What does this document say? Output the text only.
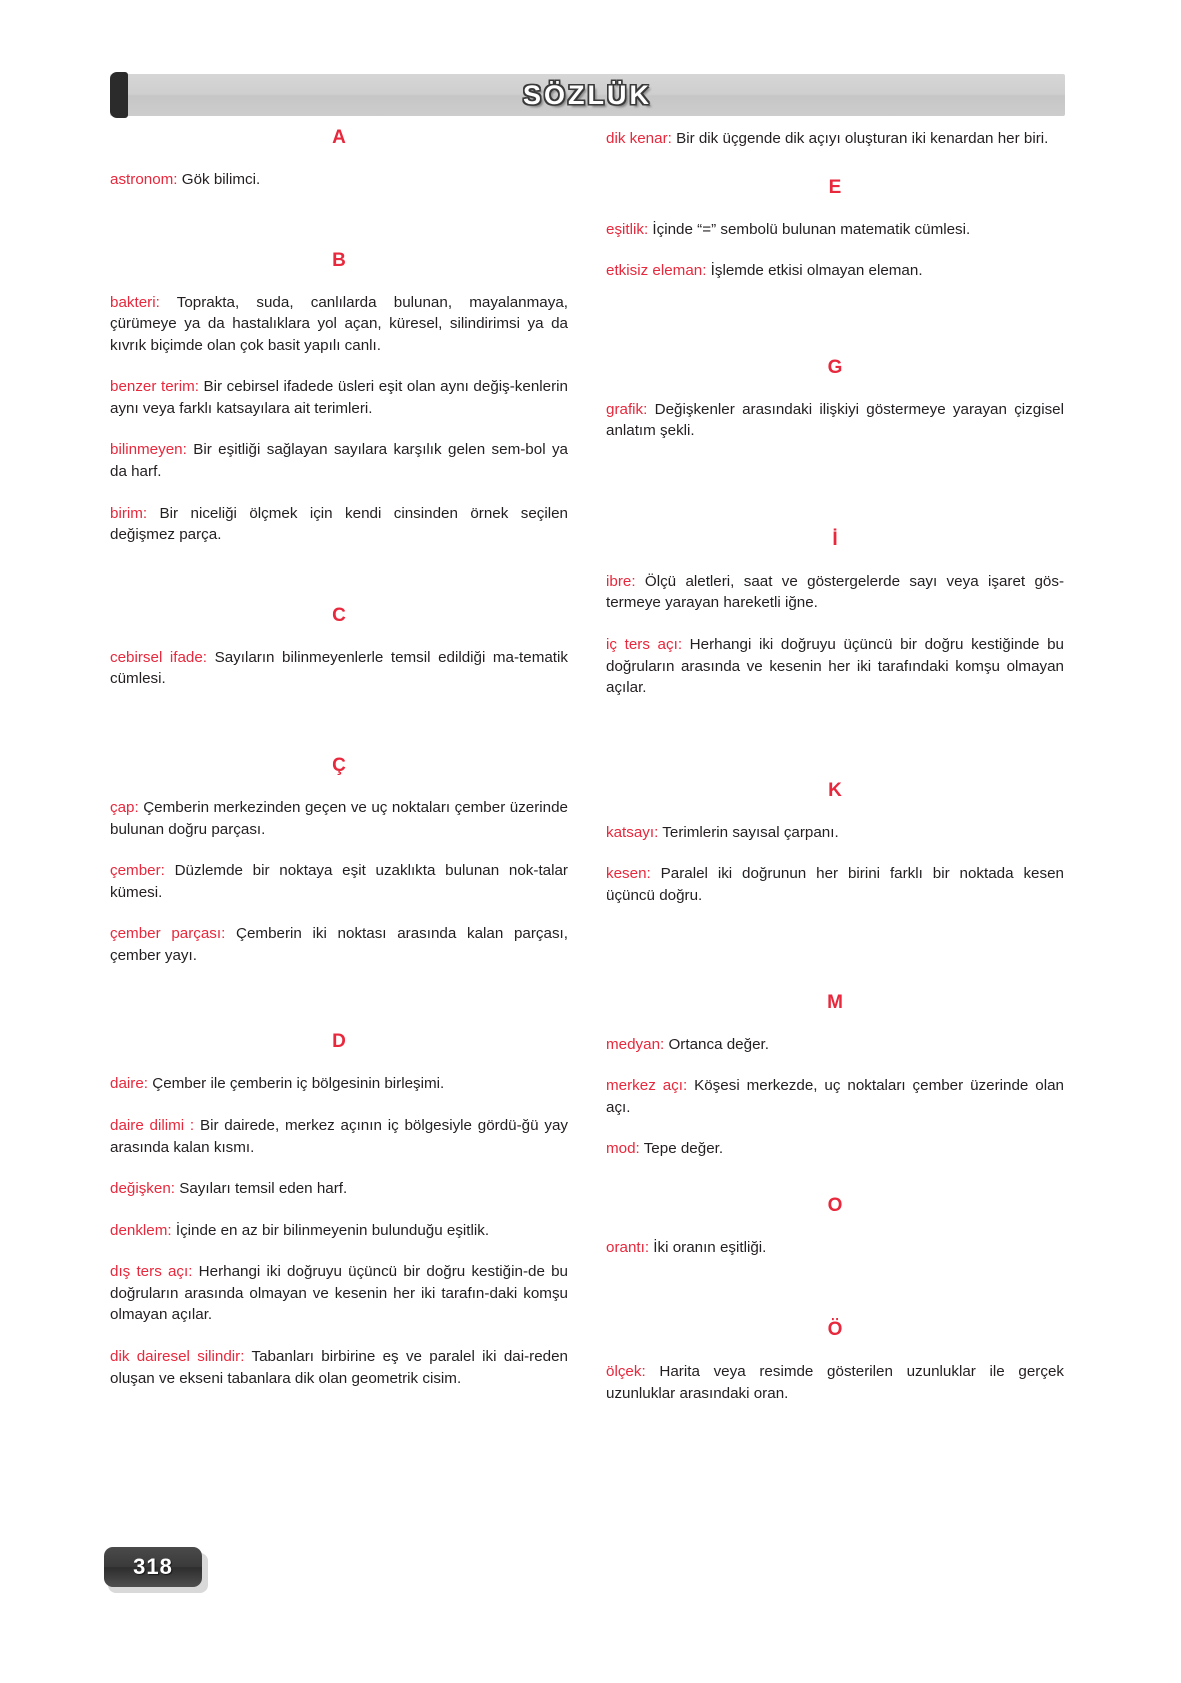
SÖZLÜK
A

astronom: Gök bilimci.

B

bakteri: Toprakta, suda, canlılarda bulunan, mayalanmaya, çürümeye ya da hastalıklara yol açan, küresel, silindirimsi ya da kıvrık biçimde olan çok basit yapılı canlı.

benzer terim: Bir cebirsel ifadede üsleri eşit olan aynı değiş-kenlerin aynı veya farklı katsayılara ait terimleri.

bilinmeyen: Bir eşitliği sağlayan sayılara karşılık gelen sem-bol ya da harf.

birim: Bir niceliği ölçmek için kendi cinsinden örnek seçilen değişmez parça.

C

cebirsel ifade: Sayıların bilinmeyenlerle temsil edildiği ma-tematik cümlesi.

Ç

çap: Çemberin merkezinden geçen ve uç noktaları çember üzerinde bulunan doğru parçası.

çember: Düzlemde bir noktaya eşit uzaklıkta bulunan nok-talar kümesi.

çember parçası: Çemberin iki noktası arasında kalan parçası, çember yayı.

D

daire: Çember ile çemberin iç bölgesinin birleşimi.

daire dilimi : Bir dairede, merkez açının iç bölgesiyle gördü-ğü yay arasında kalan kısmı.

değişken: Sayıları temsil eden harf.

denklem: İçinde en az bir bilinmeyenin bulunduğu eşitlik.

dış ters açı: Herhangi iki doğruyu üçüncü bir doğru kestiğin-de bu doğruların arasında olmayan ve kesenin her iki tarafın-daki komşu olmayan açılar.

dik dairesel silindir: Tabanları birbirine eş ve paralel iki dai-reden oluşan ve ekseni tabanlara dik olan geometrik cisim.

dik kenar: Bir dik üçgende dik açıyı oluşturan iki kenardan her biri.

E

eşitlik: İçinde “=” sembolü bulunan matematik cümlesi.

etkisiz eleman: İşlemde etkisi olmayan eleman.

G

grafik: Değişkenler arasındaki ilişkiyi göstermeye yarayan çizgisel anlatım şekli.

İ

ibre: Ölçü aletleri, saat ve göstergelerde sayı veya işaret gös-termeye yarayan hareketli iğne.

iç ters açı: Herhangi iki doğruyu üçüncü bir doğru kestiğinde bu doğruların arasında ve kesenin her iki tarafındaki komşu olmayan açılar.

K

katsayı: Terimlerin sayısal çarpanı.

kesen: Paralel iki doğrunun her birini farklı bir noktada kesen üçüncü doğru.

M

medyan: Ortanca değer.

merkez açı: Köşesi merkezde, uç noktaları çember üzerinde olan açı.

mod: Tepe değer.

O

orantı: İki oranın eşitliği.

Ö

ölçek: Harita veya resimde gösterilen uzunluklar ile gerçek uzunluklar arasındaki oran.

318
